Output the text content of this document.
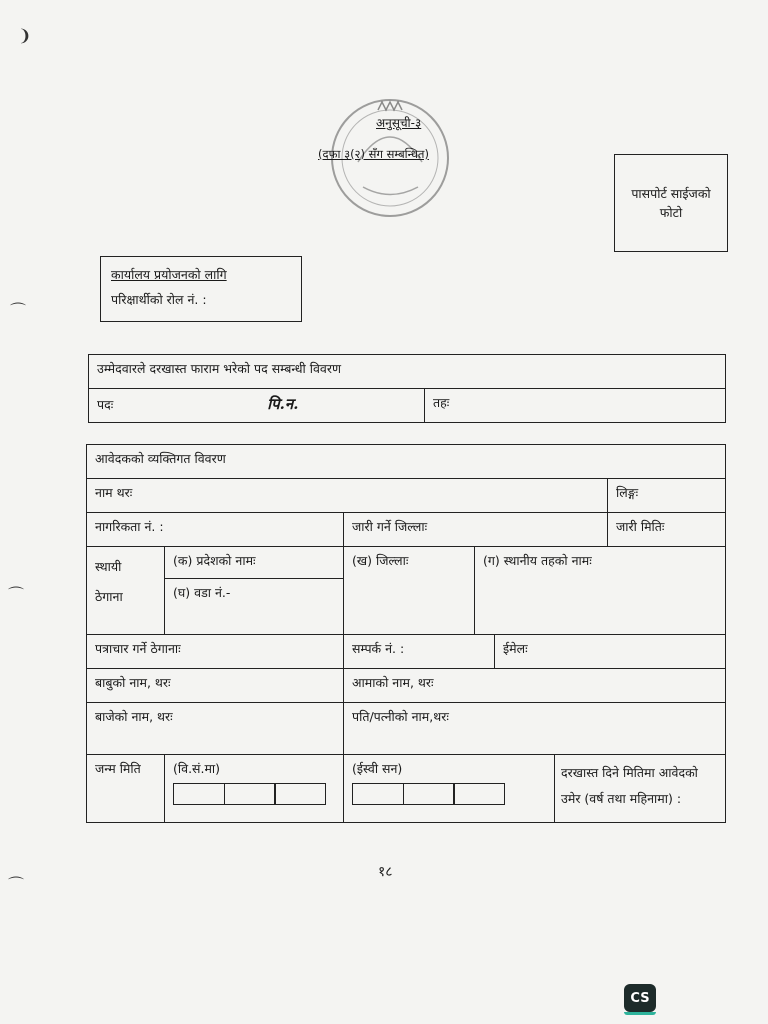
❩
⌒
⌒
⌒
अनुसूची-३
(दफा ३(२) सँग सम्बन्धित)
पासपोर्ट साईजको
फोटो
कार्यालय प्रयोजनको लागि
परिक्षार्थीको रोल नं. :
उम्मेदवारले दरखास्त फाराम भरेको पद सम्बन्धी विवरण
पदः	पि.न.	तहः
आवेदकको व्यक्तिगत विवरण						
नाम थरः						लिङ्गः
नागरिकता नं. :		जारी गर्ने जिल्लाः				जारी मितिः

स्थायी
ठेगाना	(क) प्रदेशको नामः	(ख) जिल्लाः	(ग) स्थानीय तहको नामः			
	(घ) वडा नं.-					
पत्राचार गर्ने ठेगानाः		सम्पर्क नं. :		ईमेलः		
बाबुको नाम, थरः		आमाको नाम, थरः				
बाजेको नाम, थरः		पति/पत्नीको नाम,थरः				
जन्म मिति	(वि.सं.मा)	(ईस्वी सन)			दरखास्त दिने मितिमा आवेदको
उमेर (वर्ष तथा महिनामा) :	
१८
CS
